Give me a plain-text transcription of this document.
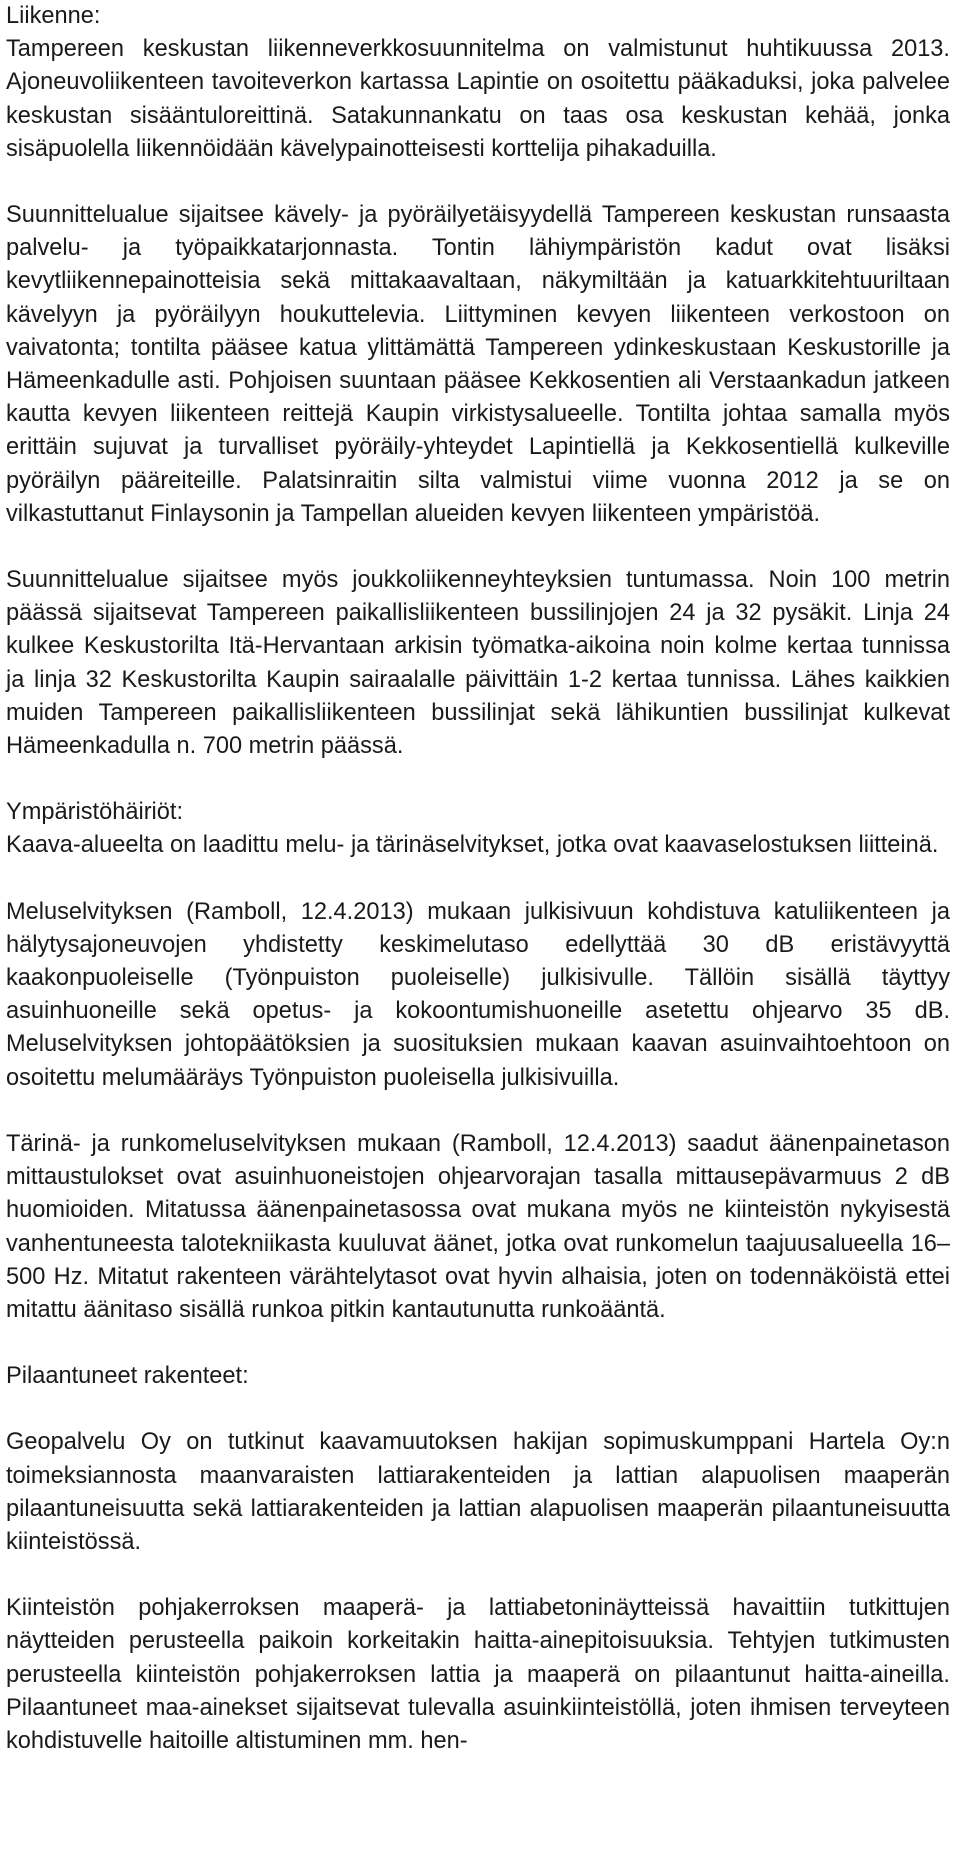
Liikenne:

Tampereen keskustan liikenneverkkosuunnitelma on valmistunut huhtikuussa 2013. Ajoneuvoliikenteen tavoiteverkon kartassa Lapintie on osoitettu pääkaduksi, joka palvelee keskustan sisääntuloreittinä. Satakunnankatu on taas osa keskustan kehää, jonka sisäpuolella liikennöidään kävelypainotteisesti korttelija pihakaduilla.

Suunnittelualue sijaitsee kävely- ja pyöräilyetäisyydellä Tampereen keskustan runsaasta palvelu- ja työpaikkatarjonnasta. Tontin lähiympäristön kadut ovat lisäksi kevytliikennepainotteisia sekä mittakaavaltaan, näkymiltään ja katuarkkitehtuuriltaan kävelyyn ja pyöräilyyn houkuttelevia. Liittyminen kevyen liikenteen verkostoon on vaivatonta; tontilta pääsee katua ylittämättä Tampereen ydinkeskustaan Keskustorille ja Hämeenkadulle asti. Pohjoisen suuntaan pääsee Kekkosentien ali Verstaankadun jatkeen kautta kevyen liikenteen reittejä Kaupin virkistysalueelle. Tontilta johtaa samalla myös erittäin sujuvat ja turvalliset pyöräily-yhteydet Lapintiellä ja Kekkosentiellä kulkeville pyöräilyn pääreiteille. Palatsinraitin silta valmistui viime vuonna 2012 ja se on vilkastuttanut Finlaysonin ja Tampellan alueiden kevyen liikenteen ympäristöä.

Suunnittelualue sijaitsee myös joukkoliikenneyhteyksien tuntumassa. Noin 100 metrin päässä sijaitsevat Tampereen paikallisliikenteen bussilinjojen 24 ja 32 pysäkit. Linja 24 kulkee Keskustorilta Itä-Hervantaan arkisin työmatka-aikoina noin kolme kertaa tunnissa ja linja 32 Keskustorilta Kaupin sairaalalle päivittäin 1-2 kertaa tunnissa. Lähes kaikkien muiden Tampereen paikallisliikenteen bussilinjat sekä lähikuntien bussilinjat kulkevat Hämeenkadulla n. 700 metrin päässä.

Ympäristöhäiriöt:

Kaava-alueelta on laadittu melu- ja tärinäselvitykset, jotka ovat kaavaselostuksen liitteinä.

Meluselvityksen (Ramboll, 12.4.2013) mukaan julkisivuun kohdistuva katuliikenteen ja hälytysajoneuvojen yhdistetty keskimelutaso edellyttää 30 dB eristävyyttä kaakonpuoleiselle (Työnpuiston puoleiselle) julkisivulle. Tällöin sisällä täyttyy asuinhuoneille sekä opetus- ja kokoontumishuoneille asetettu ohjearvo 35 dB. Meluselvityksen johtopäätöksien ja suosituksien mukaan kaavan asuinvaihtoehtoon on osoitettu melumääräys Työnpuiston puoleisella julkisivuilla.

Tärinä- ja runkomeluselvityksen mukaan (Ramboll, 12.4.2013) saadut äänenpainetason mittaustulokset ovat asuinhuoneistojen ohjearvorajan tasalla mittausepävarmuus 2 dB huomioiden. Mitatussa äänenpainetasossa ovat mukana myös ne kiinteistön nykyisestä vanhentuneesta talotekniikasta kuuluvat äänet, jotka ovat runkomelun taajuusalueella 16–500 Hz. Mitatut rakenteen värähtelytasot ovat hyvin alhaisia, joten on todennäköistä ettei mitattu äänitaso sisällä runkoa pitkin kantautunutta runkoääntä.

Pilaantuneet rakenteet:

Geopalvelu Oy on tutkinut kaavamuutoksen hakijan sopimuskumppani Hartela Oy:n toimeksiannosta maanvaraisten lattiarakenteiden ja lattian alapuolisen maaperän pilaantuneisuutta sekä lattiarakenteiden ja lattian alapuolisen maaperän pilaantuneisuutta kiinteistössä.

Kiinteistön pohjakerroksen maaperä- ja lattiabetoninäytteissä havaittiin tutkittujen näytteiden perusteella paikoin korkeitakin haitta-ainepitoisuuksia. Tehtyjen tutkimusten perusteella kiinteistön pohjakerroksen lattia ja maaperä on pilaantunut haitta-aineilla. Pilaantuneet maa-ainekset sijaitsevat tulevalla asuinkiinteistöllä, joten ihmisen terveyteen kohdistuvelle haitoille altistuminen mm. hen-
